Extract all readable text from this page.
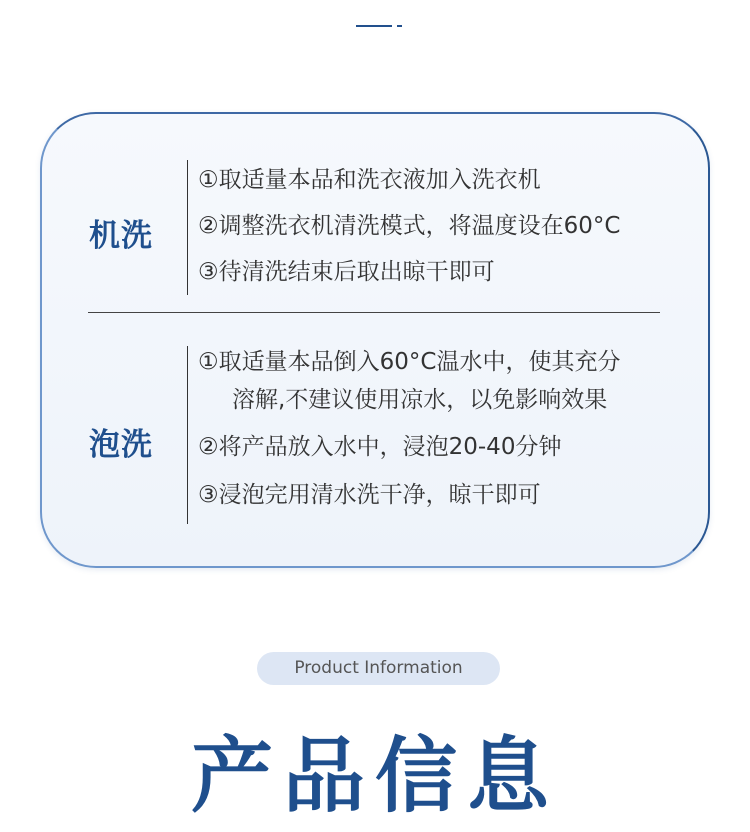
机洗
①取适量本品和洗衣液加入洗衣机
②调整洗衣机清洗模式，将温度设在60°C
③待清洗结束后取出晾干即可
泡洗
①取适量本品倒入60°C温水中，使其充分
溶解,不建议使用凉水，以免影响效果
②将产品放入水中，浸泡20-40分钟
③浸泡完用清水洗干净，晾干即可
Product Information
产品信息
